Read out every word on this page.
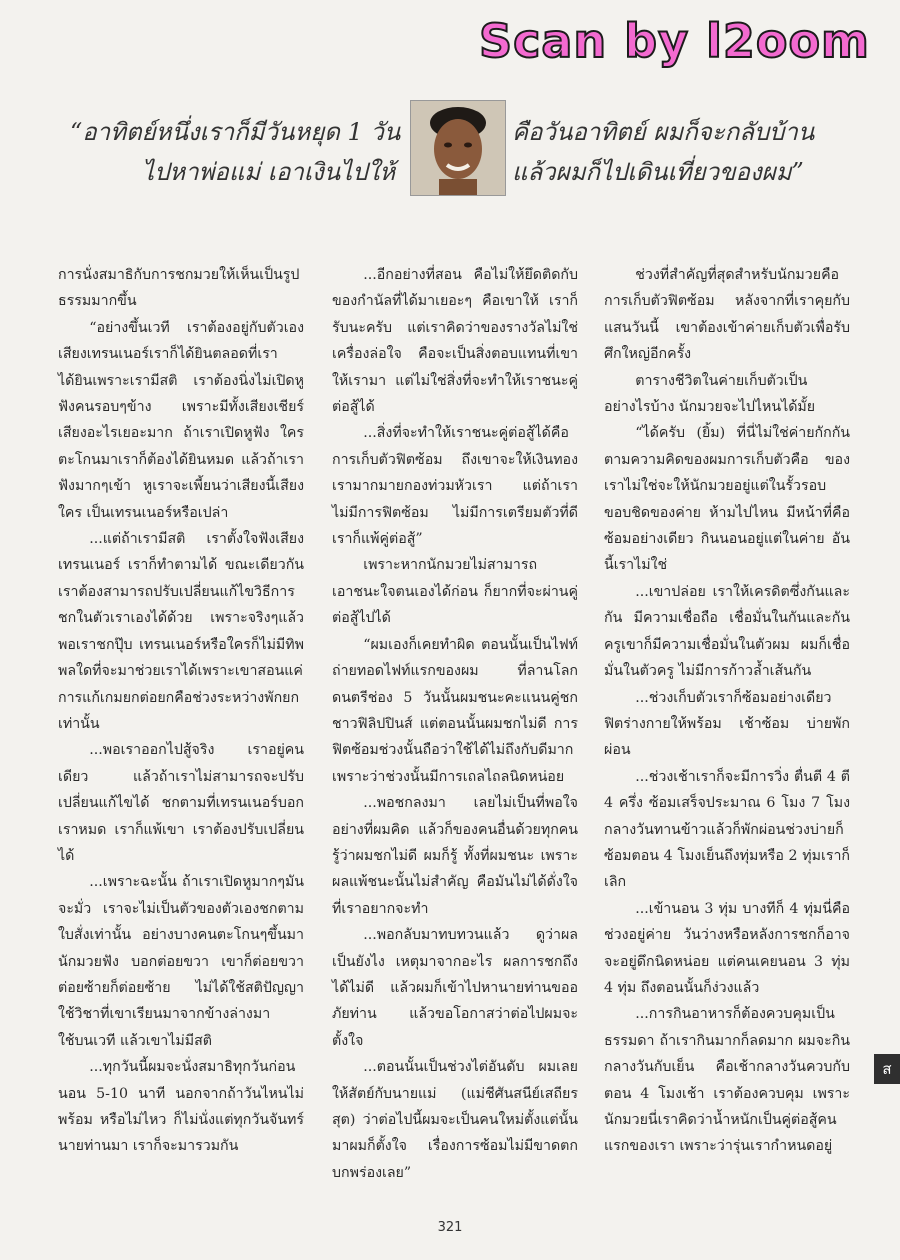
Scan by l2oom
“อาทิตย์หนึ่งเราก็มีวันหยุด 1 วัน
ไปหาพ่อแม่ เอาเงินไปให้
คือวันอาทิตย์ ผมก็จะกลับบ้าน
แล้วผมก็ไปเดินเที่ยวของผม”

การนั่งสมาธิกับการชกมวยให้เห็นเป็นรูปธรรมมากขึ้น

“อย่างขึ้นเวที เราต้องอยู่กับตัวเอง เสียงเทรนเนอร์เราก็ได้ยินตลอดที่เราได้ยินเพราะเรามีสติ เราต้องนิ่งไม่เปิดหูฟังคนรอบๆข้าง เพราะมีทั้งเสียงเชียร์เสียงอะไรเยอะมาก ถ้าเราเปิดหูฟัง ใครตะโกนมาเราก็ต้องได้ยินหมด แล้วถ้าเราฟังมากๆเข้า หูเราจะเพี้ยนว่าเสียงนี้เสียงใคร เป็นเทรนเนอร์หรือเปล่า

...แต่ถ้าเรามีสติ เราตั้งใจฟังเสียงเทรนเนอร์ เราก็ทำตามได้ ขณะเดียวกัน เราต้องสามารถปรับเปลี่ยนแก้ไขวิธีการชกในตัวเราเองได้ด้วย เพราะจริงๆแล้วพอเราชกปุ๊บ เทรนเนอร์หรือใครก็ไม่มีทิพพลใดที่จะมาช่วยเราได้เพราะเขาสอนแค่การแก้เกมยกต่อยกคือช่วงระหว่างพักยกเท่านั้น

...พอเราออกไปสู้จริง เราอยู่คนเดียว แล้วถ้าเราไม่สามารถจะปรับเปลี่ยนแก้ไขได้ ชกตามที่เทรนเนอร์บอกเราหมด เราก็แพ้เขา เราต้องปรับเปลี่ยนได้

...เพราะฉะนั้น ถ้าเราเปิดหูมากๆมันจะมั่ว เราจะไม่เป็นตัวของตัวเองชกตามใบสั่งเท่านั้น อย่างบางคนตะโกนๆขึ้นมา นักมวยฟัง บอกต่อยขวา เขาก็ต่อยขวา ต่อยซ้ายก็ต่อยซ้าย ไม่ได้ใช้สติปัญญา ใช้วิชาที่เขาเรียนมาจากข้างล่างมาใช้บนเวที แล้วเขาไม่มีสติ

...ทุกวันนี้ผมจะนั่งสมาธิทุกวันก่อนนอน 5-10 นาที นอกจากถ้าวันไหนไม่พร้อม หรือไม่ไหว ก็ไม่นั่งแต่ทุกวันจันทร์นายท่านมา เราก็จะมารวมกัน

...อีกอย่างที่สอน คือไม่ให้ยึดติดกับของกำนัลที่ได้มาเยอะๆ คือเขาให้ เราก็รับนะครับ แต่เราคิดว่าของรางวัลไม่ใช่เครื่องล่อใจ คือจะเป็นสิ่งตอบแทนที่เขาให้เรามา แต่ไม่ใช่สิ่งที่จะทำให้เราชนะคู่ต่อสู้ได้

...สิ่งที่จะทำให้เราชนะคู่ต่อสู้ได้คือการเก็บตัวฟิตซ้อม ถึงเขาจะให้เงินทองเรามากมายกองท่วมหัวเรา แต่ถ้าเราไม่มีการฟิตซ้อม ไม่มีการเตรียมตัวที่ดี เราก็แพ้คู่ต่อสู้”

เพราะหากนักมวยไม่สามารถเอาชนะใจตนเองได้ก่อน ก็ยากที่จะผ่านคู่ต่อสู้ไปได้

“ผมเองก็เคยทำผิด ตอนนั้นเป็นไฟท์ถ่ายทอดไฟท์แรกของผม ที่ลานโลกดนตรีช่อง 5 วันนั้นผมชนะคะแนนคู่ชกชาวฟิลิปปินส์ แต่ตอนนั้นผมชกไม่ดี การฟิตซ้อมช่วงนั้นถือว่าใช้ได้ไม่ถึงกับดีมาก เพราะว่าช่วงนั้นมีการเถลไถลนิดหน่อย

...พอชกลงมา เลยไม่เป็นที่พอใจอย่างที่ผมคิด แล้วก็ของคนอื่นด้วยทุกคนรู้ว่าผมชกไม่ดี ผมก็รู้ ทั้งที่ผมชนะ เพราะผลแพ้ชนะนั้นไม่สำคัญ คือมันไม่ได้ดั่งใจที่เราอยากจะทำ

...พอกลับมาทบทวนแล้ว ดูว่าผลเป็นยังไง เหตุมาจากอะไร ผลการชกถึงได้ไม่ดี แล้วผมก็เข้าไปหานายท่านขออภัยท่าน แล้วขอโอกาสว่าต่อไปผมจะตั้งใจ

...ตอนนั้นเป็นช่วงไต่อันดับ ผมเลยให้สัตย์กับนายแม่ (แม่ชีศันสนีย์เสถียรสุต) ว่าต่อไปนี้ผมจะเป็นคนใหม่ตั้งแต่นั้นมาผมก็ตั้งใจ เรื่องการซ้อมไม่มีขาดตกบกพร่องเลย”

ช่วงที่สำคัญที่สุดสำหรับนักมวยคือการเก็บตัวฟิตซ้อม หลังจากที่เราคุยกับแสนวันนี้ เขาต้องเข้าค่ายเก็บตัวเพื่อรับศึกใหญ่อีกครั้ง

ตารางชีวิตในค่ายเก็บตัวเป็นอย่างไรบ้าง นักมวยจะไปไหนได้มั้ย

“ได้ครับ (ยิ้ม) ที่นี่ไม่ใช่ค่ายกักกันตามความคิดของผมการเก็บตัวคือ ของเราไม่ใช่จะให้นักมวยอยู่แต่ในรั้วรอบขอบชิดของค่าย ห้ามไปไหน มีหน้าที่คือซ้อมอย่างเดียว กินนอนอยู่แต่ในค่าย อันนี้เราไม่ใช่

...เขาปล่อย เราให้เครดิตซึ่งกันและกัน มีความเชื่อถือ เชื่อมั่นในกันและกัน ครูเขาก็มีความเชื่อมั่นในตัวผม ผมก็เชื่อมั่นในตัวครู ไม่มีการก้าวล้ำเส้นกัน

...ช่วงเก็บตัวเราก็ซ้อมอย่างเดียวฟิตร่างกายให้พร้อม เช้าซ้อม บ่ายพักผ่อน

...ช่วงเช้าเราก็จะมีการวิ่ง ตื่นตี 4 ตี 4 ครึ่ง ซ้อมเสร็จประมาณ 6 โมง 7 โมง กลางวันทานข้าวแล้วก็พักผ่อนช่วงบ่ายก็ซ้อมตอน 4 โมงเย็นถึงทุ่มหรือ 2 ทุ่มเราก็เลิก

...เข้านอน 3 ทุ่ม บางทีก็ 4 ทุ่มนี่คือช่วงอยู่ค่าย วันว่างหรือหลังการชกก็อาจจะอยู่ดึกนิดหน่อย แต่คนเคยนอน 3 ทุ่ม 4 ทุ่ม ถึงตอนนั้นก็ง่วงแล้ว

...การกินอาหารก็ต้องควบคุมเป็นธรรมดา ถ้าเรากินมากก็ลดมาก ผมจะกินกลางวันกับเย็น คือเช้ากลางวันควบกับตอน 4 โมงเช้า เราต้องควบคุม เพราะนักมวยนี่เราคิดว่าน้ำหนักเป็นคู่ต่อสู้คนแรกของเรา เพราะว่ารุ่นเรากำหนดอยู่

ส
321
